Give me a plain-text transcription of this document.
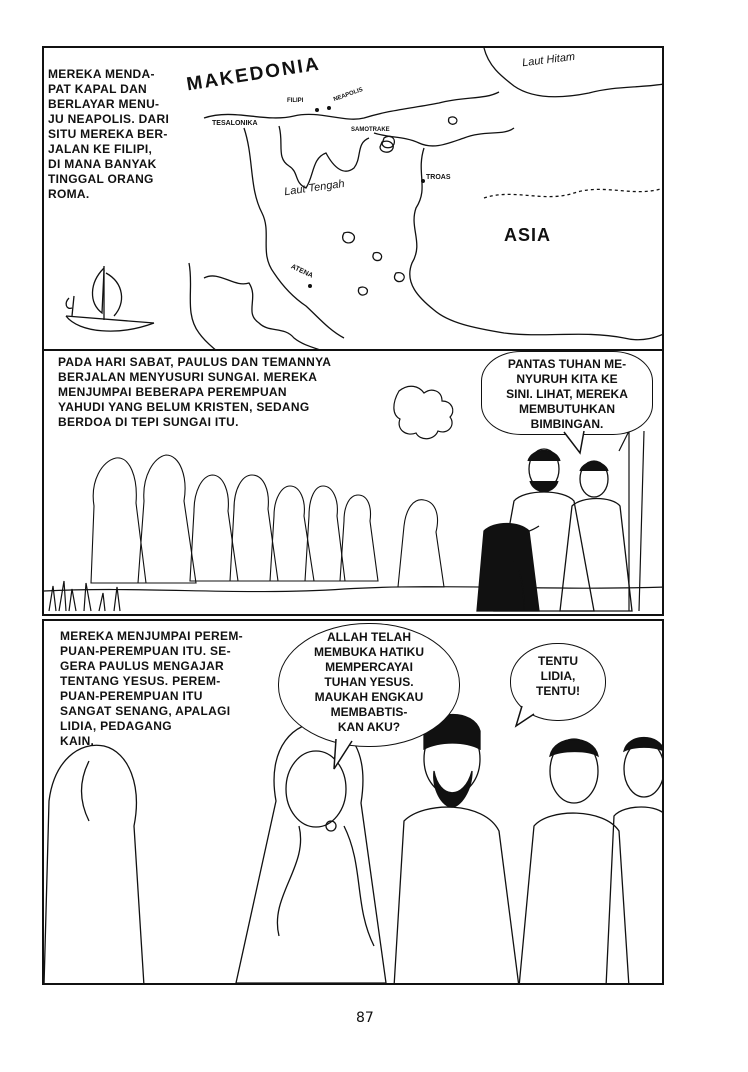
MEREKA MENDA-
PAT KAPAL DAN
BERLAYAR MENU-
JU NEAPOLIS. DARI
SITU MEREKA BER-
JALAN KE FILIPI,
DI MANA BANYAK
TINGGAL ORANG
ROMA.
MAKEDONIA	Laut Hitam
FILIPI	NEAPOLIS
TESALONIKA
SAMOTRAKE
Laut Tengah
TROAS
ASIA
ATENA
PADA HARI SABAT, PAULUS DAN TEMANNYA
BERJALAN MENYUSURI SUNGAI. MEREKA
MENJUMPAI BEBERAPA PEREMPUAN
YAHUDI YANG BELUM KRISTEN, SEDANG
BERDOA DI TEPI SUNGAI ITU.
PANTAS TUHAN ME-
NYURUH KITA KE
SINI. LIHAT, MEREKA
MEMBUTUHKAN
BIMBINGAN.
MEREKA MENJUMPAI PEREM-
PUAN-PEREMPUAN ITU. SE-
GERA PAULUS MENGAJAR
TENTANG YESUS. PEREM-
PUAN-PEREMPUAN ITU
SANGAT SENANG, APALAGI
LIDIA, PEDAGANG
KAIN.
ALLAH TELAH
MEMBUKA HATIKU
MEMPERCAYAI
TUHAN YESUS.
MAUKAH ENGKAU
MEMBABTIS-
KAN AKU?
TENTU
LIDIA,
TENTU!
87
